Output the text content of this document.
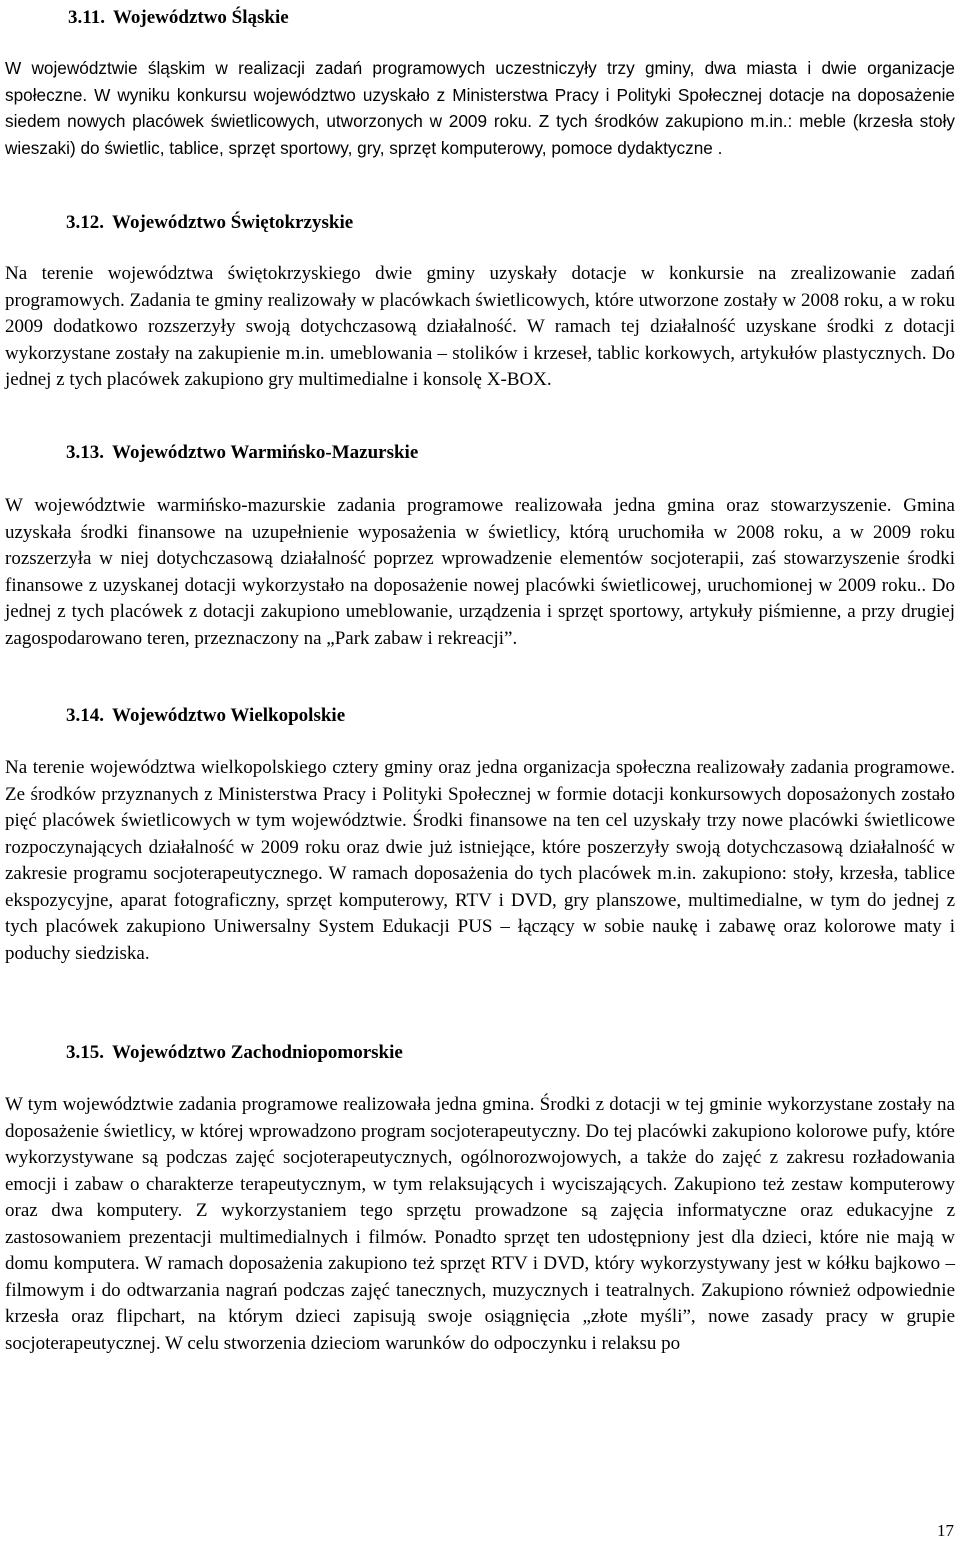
3.11. Województwo Śląskie

W województwie śląskim w realizacji zadań programowych uczestniczyły trzy gminy, dwa miasta i dwie organizacje społeczne. W wyniku konkursu województwo uzyskało z Ministerstwa Pracy i Polityki Społecznej dotacje na doposażenie siedem nowych placówek świetlicowych, utworzonych w 2009 roku. Z tych środków zakupiono m.in.: meble (krzesła stoły wieszaki) do świetlic, tablice, sprzęt sportowy, gry, sprzęt komputerowy, pomoce dydaktyczne .

3.12. Województwo Świętokrzyskie

Na terenie województwa świętokrzyskiego dwie gminy uzyskały dotacje w konkursie na zrealizowanie zadań programowych. Zadania te gminy realizowały w placówkach świetlicowych, które utworzone zostały w 2008 roku, a w roku 2009 dodatkowo rozszerzyły swoją dotychczasową działalność. W ramach tej działalność uzyskane środki z dotacji wykorzystane zostały na zakupienie m.in. umeblowania – stolików i krzeseł, tablic korkowych, artykułów plastycznych. Do jednej z tych placówek zakupiono gry multimedialne i konsolę X-BOX.

3.13. Województwo Warmińsko-Mazurskie

W województwie warmińsko-mazurskie zadania programowe realizowała jedna gmina oraz stowarzyszenie. Gmina uzyskała środki finansowe na uzupełnienie wyposażenia w świetlicy, którą uruchomiła w 2008 roku, a w 2009 roku rozszerzyła w niej dotychczasową działalność poprzez wprowadzenie elementów socjoterapii, zaś stowarzyszenie środki finansowe z uzyskanej dotacji wykorzystało na doposażenie nowej placówki świetlicowej, uruchomionej w 2009 roku.. Do jednej z tych placówek z dotacji zakupiono umeblowanie, urządzenia i sprzęt sportowy, artykuły piśmienne, a przy drugiej zagospodarowano teren, przeznaczony na „Park zabaw i rekreacji”.

3.14. Województwo Wielkopolskie

Na terenie województwa wielkopolskiego cztery gminy oraz jedna organizacja społeczna realizowały zadania programowe. Ze środków przyznanych z Ministerstwa Pracy i Polityki Społecznej w formie dotacji konkursowych doposażonych zostało pięć placówek świetlicowych w tym województwie. Środki finansowe na ten cel uzyskały trzy nowe placówki świetlicowe rozpoczynających działalność w 2009 roku oraz dwie już istniejące, które poszerzyły swoją dotychczasową działalność w zakresie programu socjoterapeutycznego. W ramach doposażenia do tych placówek m.in. zakupiono: stoły, krzesła, tablice ekspozycyjne, aparat fotograficzny, sprzęt komputerowy, RTV i DVD, gry planszowe, multimedialne, w tym do jednej z tych placówek zakupiono Uniwersalny System Edukacji PUS – łączący w sobie naukę i zabawę oraz kolorowe maty i poduchy siedziska.

3.15. Województwo Zachodniopomorskie

W tym województwie zadania programowe realizowała jedna gmina. Środki z dotacji w tej gminie wykorzystane zostały na doposażenie świetlicy, w której wprowadzono program socjoterapeutyczny. Do tej placówki zakupiono kolorowe pufy, które wykorzystywane są podczas zajęć socjoterapeutycznych, ogólnorozwojowych, a także do zajęć z zakresu rozładowania emocji i zabaw o charakterze terapeutycznym, w tym relaksujących i wyciszających. Zakupiono też zestaw komputerowy oraz dwa komputery. Z wykorzystaniem tego sprzętu prowadzone są zajęcia informatyczne oraz edukacyjne z zastosowaniem prezentacji multimedialnych i filmów. Ponadto sprzęt ten udostępniony jest dla dzieci, które nie mają w domu komputera. W ramach doposażenia zakupiono też sprzęt RTV i DVD, który wykorzystywany jest w kółku bajkowo – filmowym i do odtwarzania nagrań podczas zajęć tanecznych, muzycznych i teatralnych. Zakupiono również odpowiednie krzesła oraz flipchart, na którym dzieci zapisują swoje osiągnięcia „złote myśli”, nowe zasady pracy w grupie socjoterapeutycznej. W celu stworzenia dzieciom warunków do odpoczynku i relaksu po

17
